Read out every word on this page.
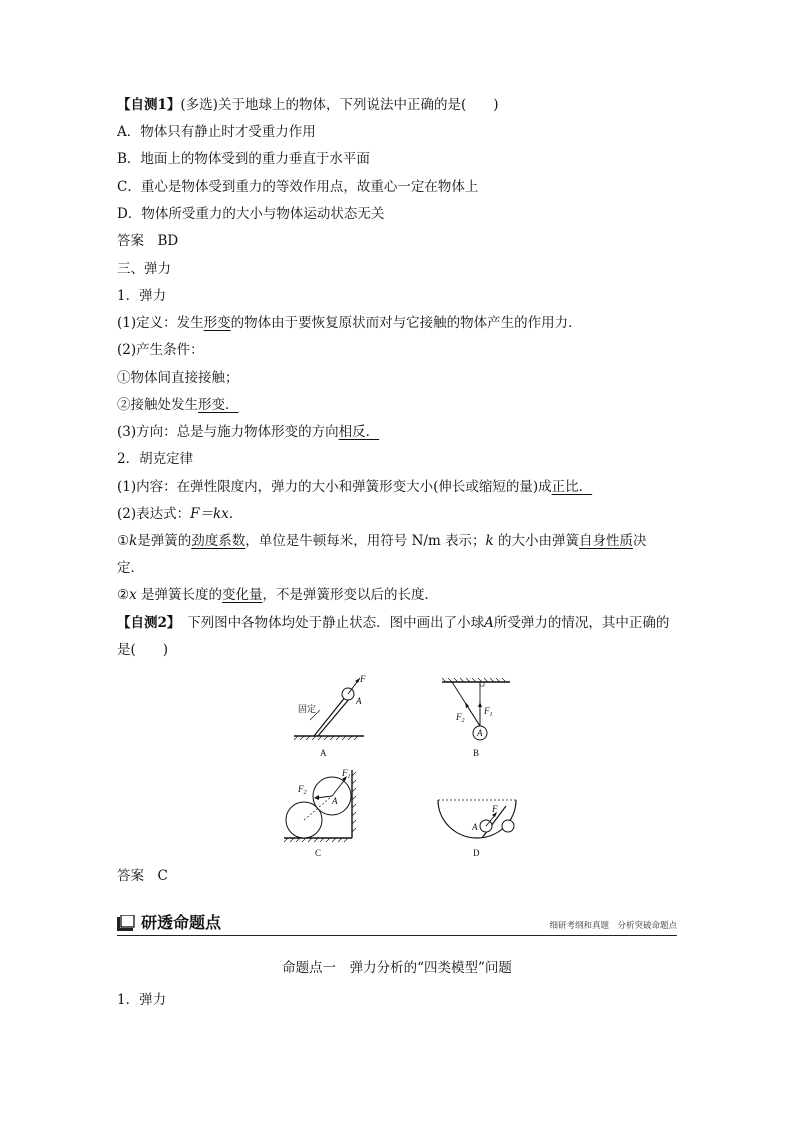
【自测1】(多选)关于地球上的物体，下列说法中正确的是(　　)
A．物体只有静止时才受重力作用
B．地面上的物体受到的重力垂直于水平面
C．重心是物体受到重力的等效作用点，故重心一定在物体上
D．物体所受重力的大小与物体运动状态无关
答案　 BD
三、弹力
1．弹力
(1)定义：发生形变的物体由于要恢复原状而对与它接触的物体产生的作用力．
(2)产生条件：
①物体间直接接触；
②接触处发生形变．
(3)方向：总是与施力物体形变的方向相反．
2．胡克定律
(1)内容：在弹性限度内，弹力的大小和弹簧形变大小(伸长或缩短的量)成正比．
(2)表达式：F＝kx.
①k是弹簧的劲度系数，单位是牛顿每米，用符号 N/m 表示；k 的大小由弹簧自身性质决
定．
②x 是弹簧长度的变化量，不是弹簧形变以后的长度．
【自测2】　 下列图中各物体均处于静止状态．图中画出了小球A所受弹力的情况，其中正确的
是(　　)
固定
F
A
A
A
$F_1$
$F_2$
B
A
$F_1$
$F_2$
C
A
F
D
答案　 C
研透命题点	细研考纲和真题　分析突破命题点
命题点一　弹力分析的“四类模型”问题
1．弹力
